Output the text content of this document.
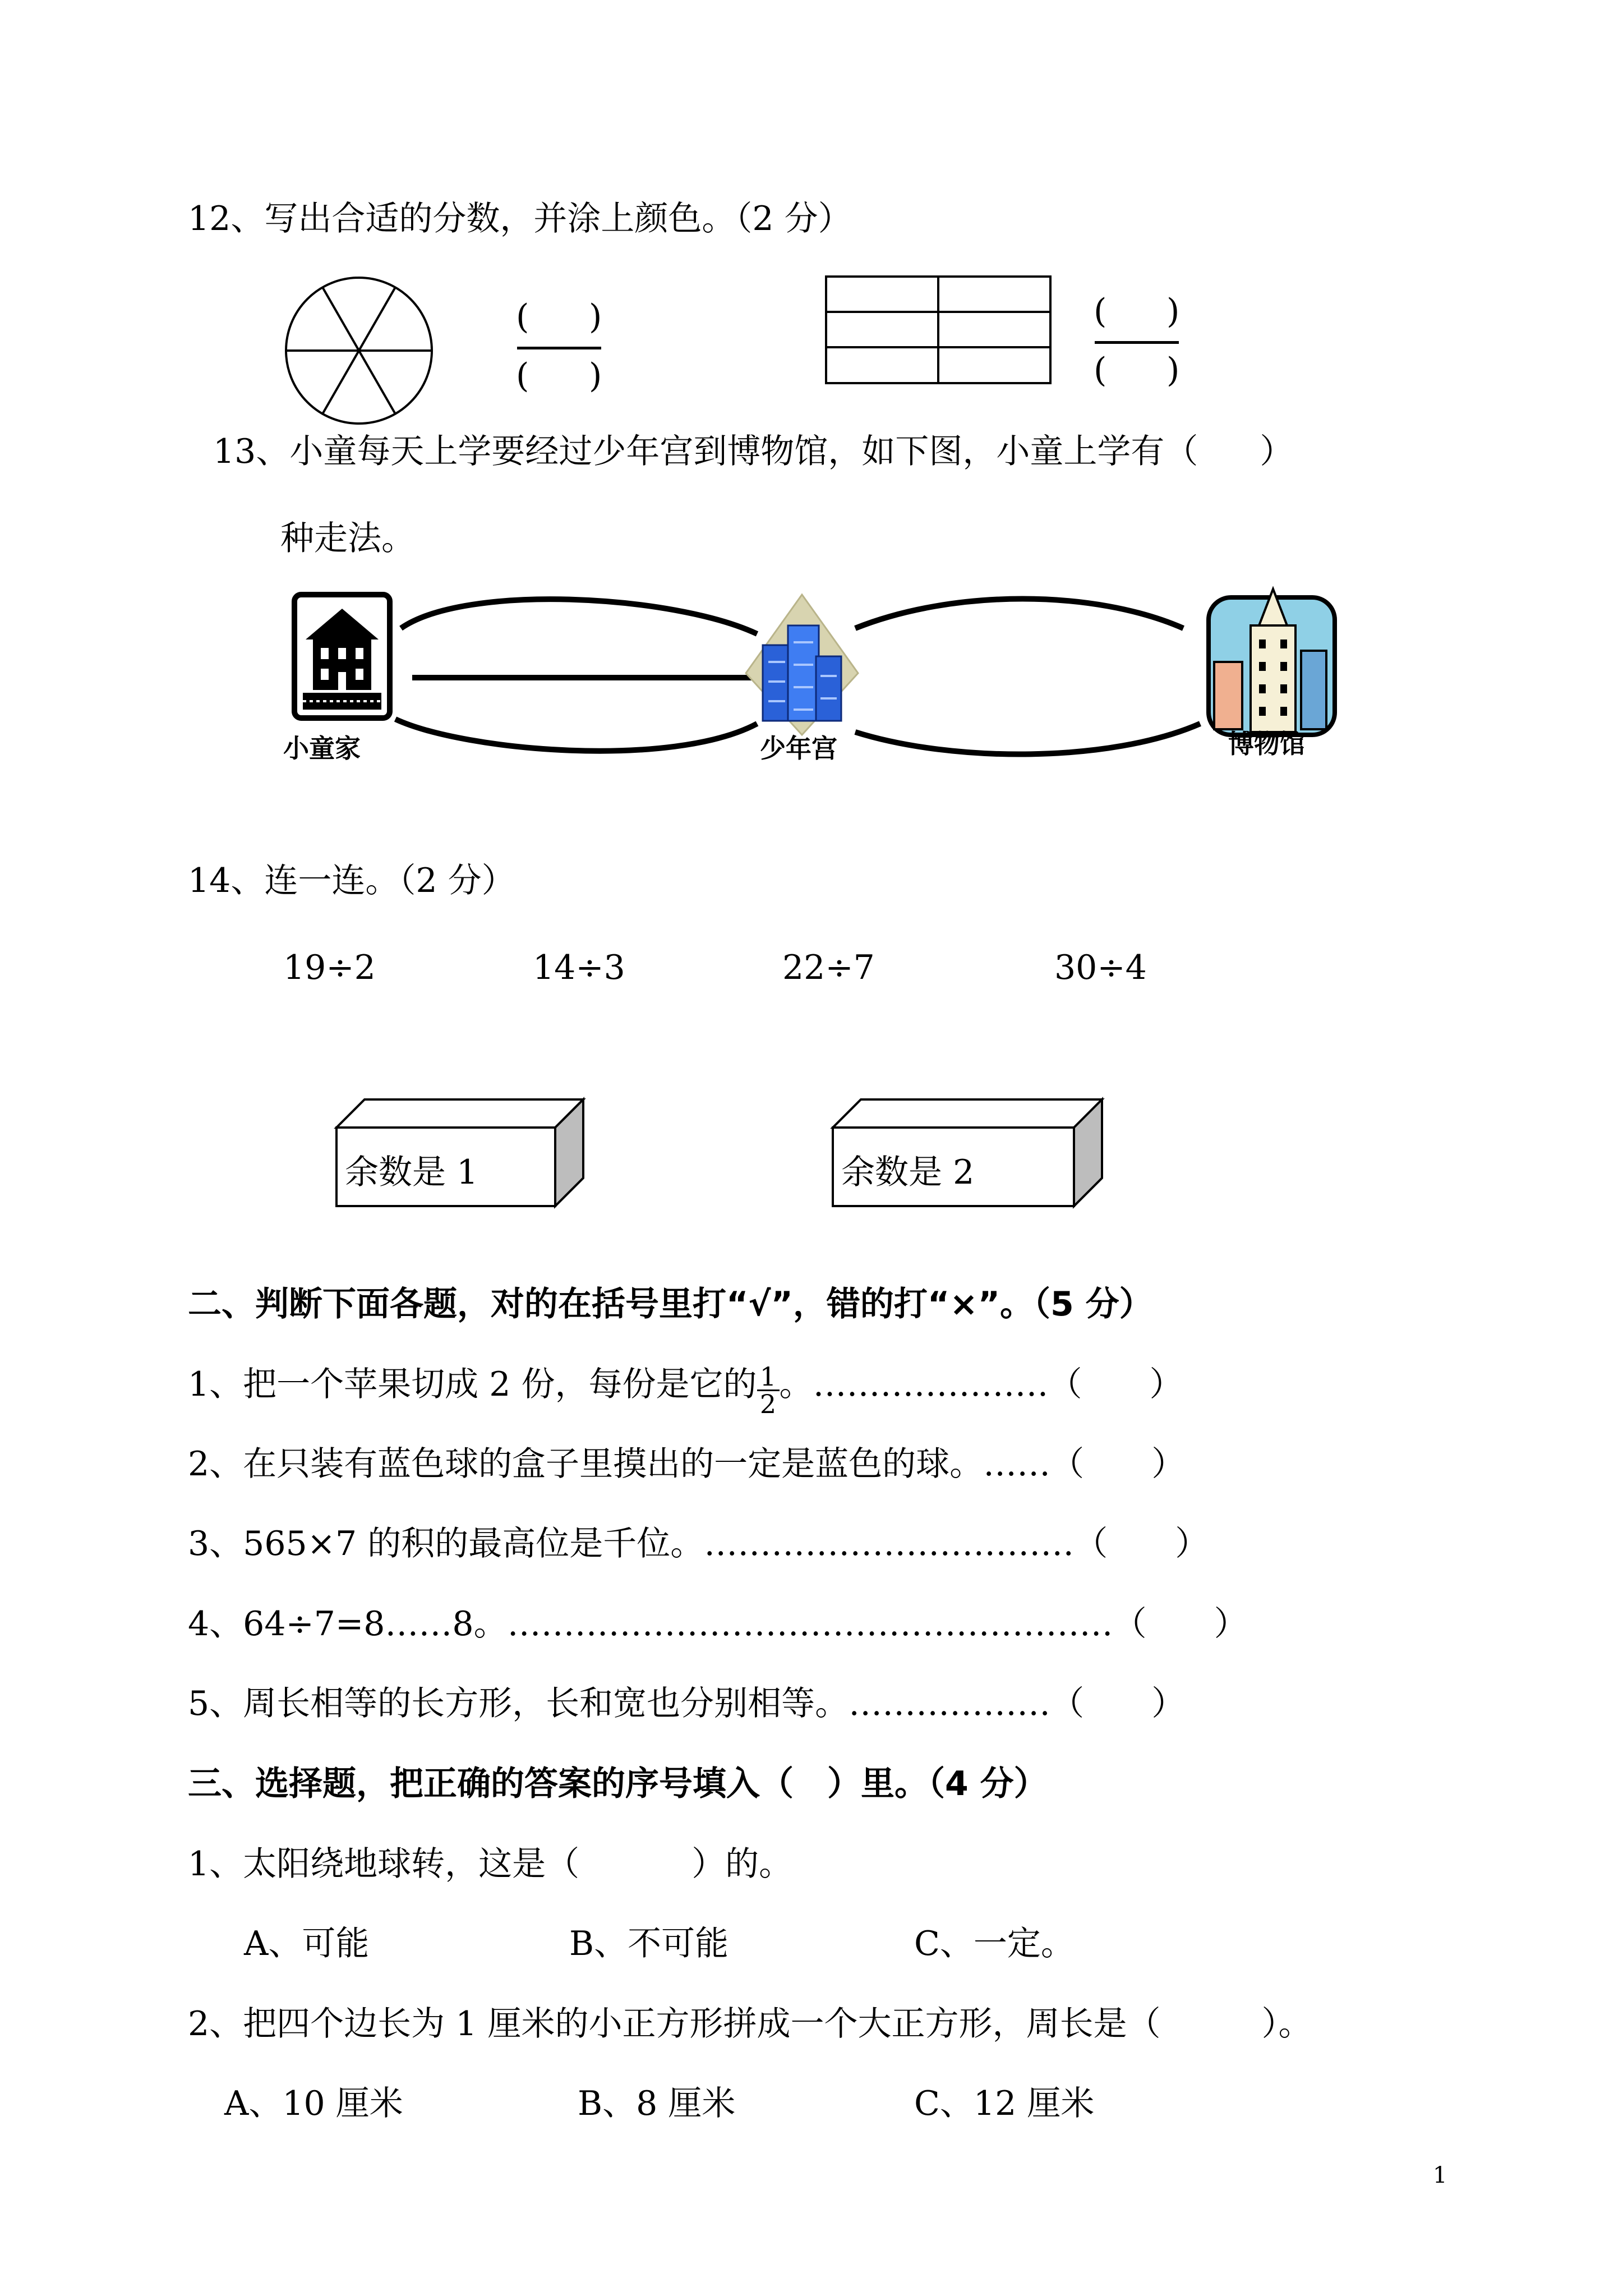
12、写出合适的分数，并涂上颜色。（2 分）
( )
( )
( )
( )
13、小童每天上学要经过少年宫到博物馆，如下图，小童上学有（ ）
种走法。
小童家	少年宫	博物馆
14、连一连。（2 分）
19÷2	14÷3	22÷7	30÷4
余数是 1	余数是 2
二、判断下面各题，对的在括号里打“√”，错的打“×”。（5 分）
1、把一个苹果切成 2 份，每份是它的 $\frac{1}{2}$ 。…………………（ ）
2、在只装有蓝色球的盒子里摸出的一定是蓝色的球。……（ ）
3、565×7 的积的最高位是千位。……………………………（ ）
4、64÷7=8……8。………………………………………………（ ）
5、周长相等的长方形，长和宽也分别相等。………………（ ）
三、选择题，把正确的答案的序号填入（　）里。（4 分）
1、太阳绕地球转，这是（	）的。
A、可能	B、不可能	C、一定。
2、把四个边长为 1 厘米的小正方形拼成一个大正方形，周长是（	）。
A、10 厘米	B、8 厘米	C、12 厘米
1
